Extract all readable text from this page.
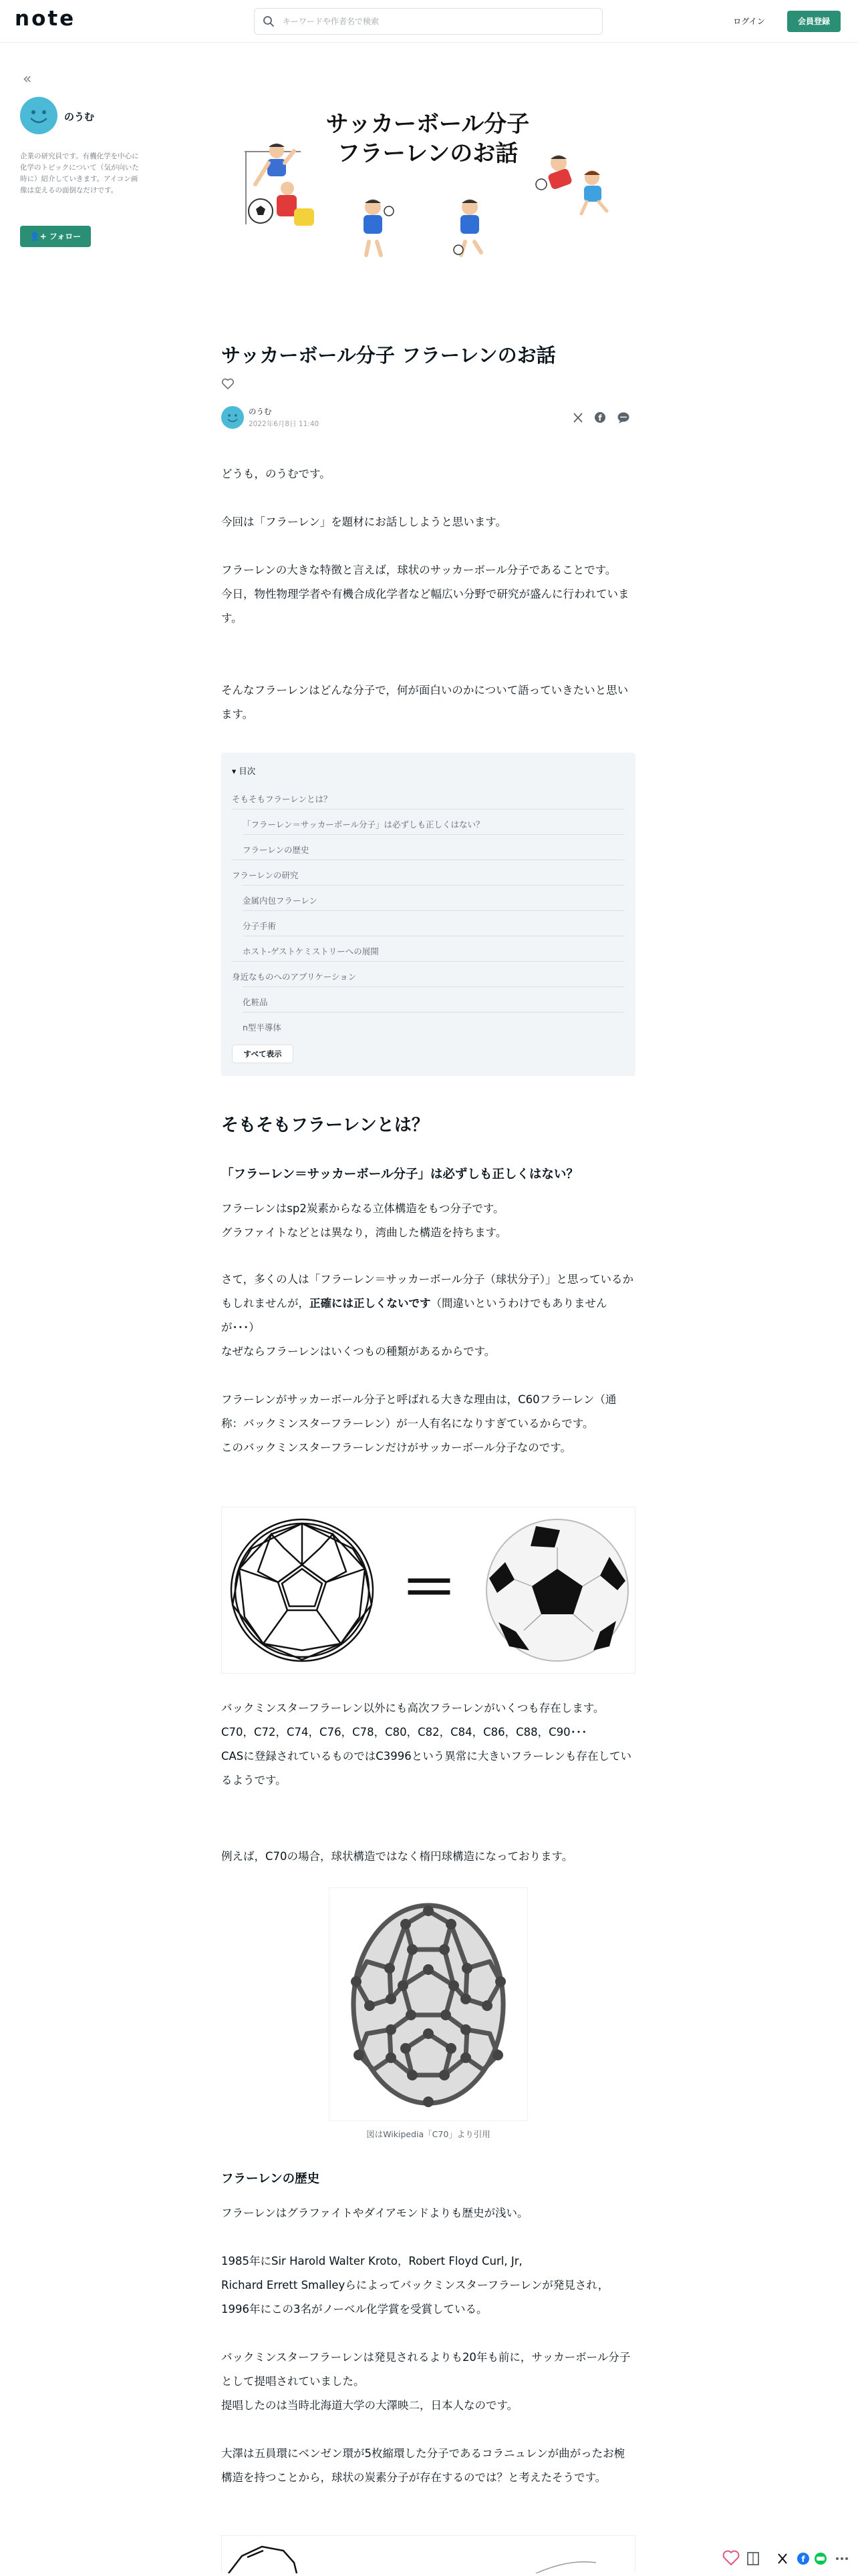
note
キーワードや作者名で検索	ログイン	会員登録
«
のうむ
企業の研究員です。有機化学を中心に化学のトピックについて（気が向いた時に）紹介していきます。アイコン画像は変えるの面倒なだけです。
👤+ フォロー
サッカーボール分子
フラーレンのお話
サッカーボール分子 フラーレンのお話
のうむ
2022年6月8日 11:40
f
どうも，のうむです。
今回は「フラーレン」を題材にお話ししようと思います。
フラーレンの大きな特徴と言えば，球状のサッカーボール分子であることです。
今日，物性物理学者や有機合成化学者など幅広い分野で研究が盛んに行われています。
そんなフラーレンはどんな分子で，何が面白いのかについて語っていきたいと思います。
▾ 目次
そもそもフラーレンとは？
「フラーレン＝サッカーボール分子」は必ずしも正しくはない？
フラーレンの歴史
フラーレンの研究
金属内包フラーレン
分子手術
ホスト-ゲストケミストリーへの展開
身近なものへのアプリケーション
化粧品
n型半導体
すべて表示
そもそもフラーレンとは？
「フラーレン＝サッカーボール分子」は必ずしも正しくはない？
フラーレンはsp2炭素からなる立体構造をもつ分子です。
グラファイトなどとは異なり，湾曲した構造を持ちます。
さて，多くの人は「フラーレン＝サッカーボール分子（球状分子）」と思っているかもしれませんが，正確には正しくないです（間違いというわけでもありませんが･･･）
なぜならフラーレンはいくつもの種類があるからです。
フラーレンがサッカーボール分子と呼ばれる大きな理由は，C60フラーレン（通称：バックミンスターフラーレン）が一人有名になりすぎているからです。
このバックミンスターフラーレンだけがサッカーボール分子なのです。
＝
バックミンスターフラーレン以外にも高次フラーレンがいくつも存在します。
C70，C72，C74，C76，C78，C80，C82，C84，C86，C88，C90･･･
CASに登録されているものではC3996という異常に大きいフラーレンも存在しているようです。
例えば，C70の場合，球状構造ではなく楕円球構造になっております。
図はWikipedia「C70」より引用
フラーレンの歴史
フラーレンはグラファイトやダイアモンドよりも歴史が浅い。
1985年にSir Harold Walter Kroto，Robert Floyd Curl, Jr,
Richard Errett Smalleyらによってバックミンスターフラーレンが発見され，1996年にこの3名がノーベル化学賞を受賞している。
バックミンスターフラーレンは発見されるよりも20年も前に，サッカーボール分子として提唱されていました。
提唱したのは当時北海道大学の大澤映二，日本人なのです。
大澤は五員環にベンゼン環が5枚縮環した分子であるコラニュレンが曲がったお椀構造を持つことから，球状の炭素分子が存在するのでは？と考えたそうです。
f
